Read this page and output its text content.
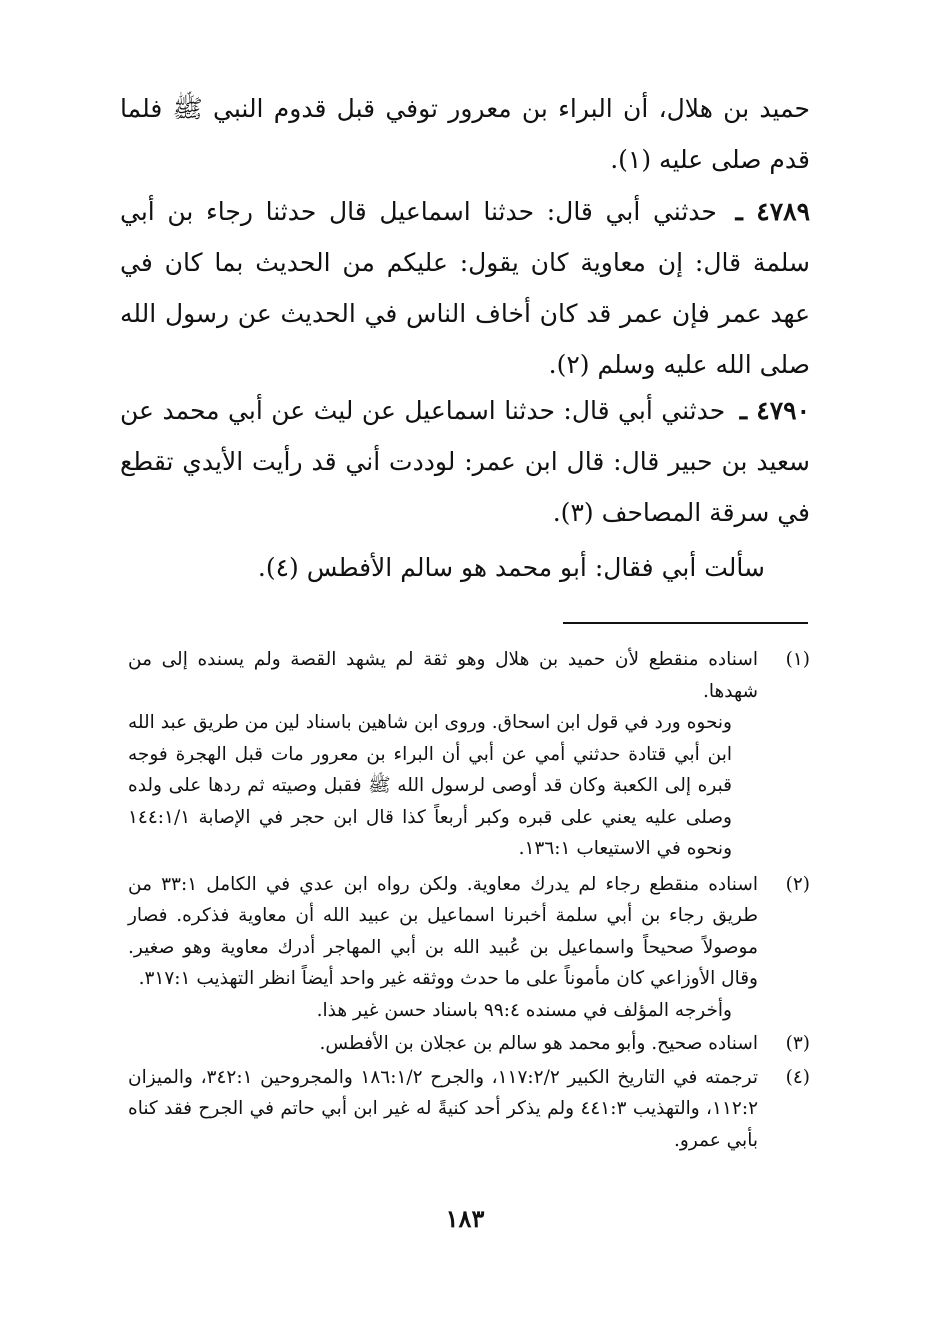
حميد بن هلال، أن البراء بن معرور توفي قبل قدوم النبي ﷺ فلما قدم صلى عليه (١).
٤٧٨٩ ـ حدثني أبي قال: حدثنا اسماعيل قال حدثنا رجاء بن أبي سلمة قال: إن معاوية كان يقول: عليكم من الحديث بما كان في عهد عمر فإن عمر قد كان أخاف الناس في الحديث عن رسول الله صلى الله عليه وسلم (٢).
٤٧٩٠ ـ حدثني أبي قال: حدثنا اسماعيل عن ليث عن أبي محمد عن سعيد بن حبير قال: قال ابن عمر: لوددت أني قد رأيت الأيدي تقطع في سرقة المصاحف (٣).
سألت أبي فقال: أبو محمد هو سالم الأفطس (٤).
(١)
اسناده منقطع لأن حميد بن هلال وهو ثقة لم يشهد القصة ولم يسنده إلى من شهدها.
ونحوه ورد في قول ابن اسحاق. وروى ابن شاهين باسناد لين من طريق عبد الله ابن أبي قتادة حدثني أمي عن أبي أن البراء بن معرور مات قبل الهجرة فوجه قبره إلى الكعبة وكان قد أوصى لرسول الله ﷺ فقبل وصيته ثم ردها على ولده وصلى عليه يعني على قبره وكبر أربعاً كذا قال ابن حجر في الإصابة ١٤٤:١/١ ونحوه في الاستيعاب ١٣٦:١.
(٢)
اسناده منقطع رجاء لم يدرك معاوية. ولكن رواه ابن عدي في الكامل ٣٣:١ من طريق رجاء بن أبي سلمة أخبرنا اسماعيل بن عبيد الله أن معاوية فذكره. فصار موصولاً صحيحاً واسماعيل بن عُبيد الله بن أبي المهاجر أدرك معاوية وهو صغير. وقال الأوزاعي كان مأموناً على ما حدث ووثقه غير واحد أيضاً انظر التهذيب ٣١٧:١.
وأخرجه المؤلف في مسنده ٩٩:٤ باسناد حسن غير هذا.
(٣)
اسناده صحيح. وأبو محمد هو سالم بن عجلان بن الأفطس.
(٤)
ترجمته في التاريخ الكبير ١١٧:٢/٢، والجرح ١٨٦:١/٢ والمجروحين ٣٤٢:١، والميزان ١١٢:٢، والتهذيب ٤٤١:٣ ولم يذكر أحد كنيةً له غير ابن أبي حاتم في الجرح فقد كناه بأبي عمرو.
١٨٣
